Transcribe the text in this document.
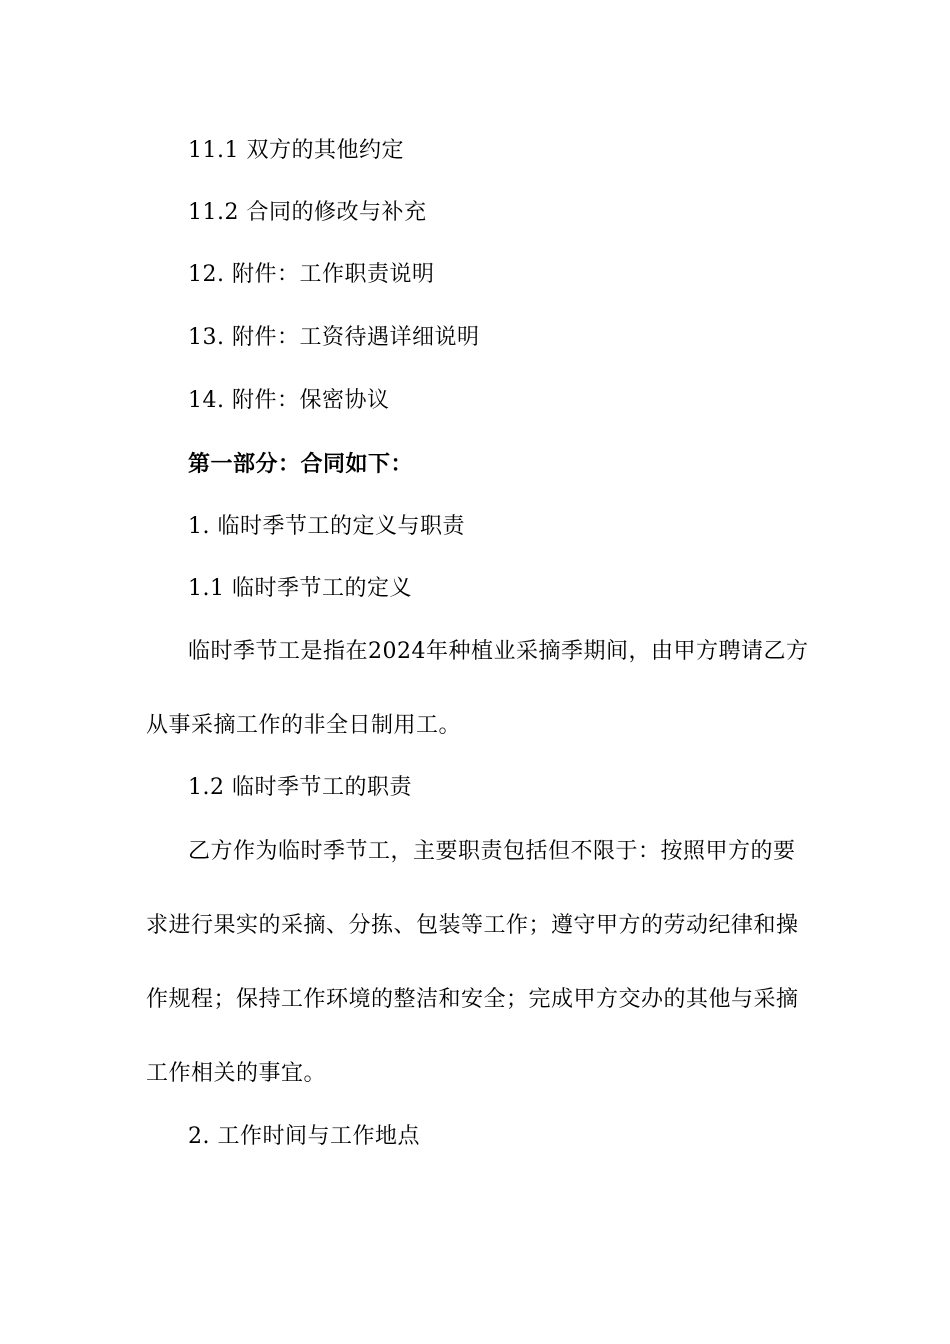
11.1 双方的其他约定
11.2 合同的修改与补充
12. 附件：工作职责说明
13. 附件：工资待遇详细说明
14. 附件：保密协议
第一部分：合同如下：
1. 临时季节工的定义与职责
1.1 临时季节工的定义
临时季节工是指在2024年种植业采摘季期间，由甲方聘请乙方
从事采摘工作的非全日制用工。
1.2 临时季节工的职责
乙方作为临时季节工，主要职责包括但不限于：按照甲方的要
求进行果实的采摘、分拣、包装等工作；遵守甲方的劳动纪律和操
作规程；保持工作环境的整洁和安全；完成甲方交办的其他与采摘
工作相关的事宜。
2. 工作时间与工作地点
